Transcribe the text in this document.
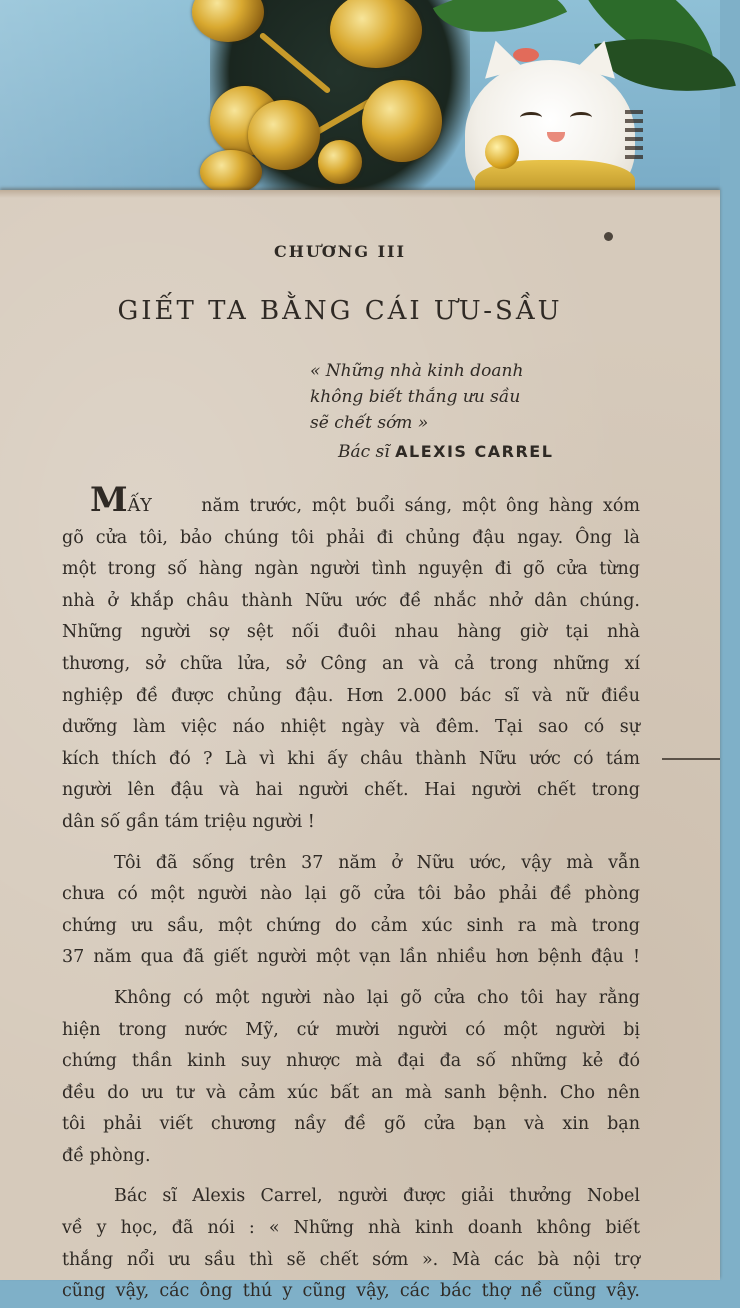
CHƯƠNG III
GIẾT TA BẰNG CÁI ƯU-SẦU
« Những nhà kinh doanh
không biết thắng ưu sầu
sẽ chết sớm »
Bác sĩ ALEXIS CARREL
MẤY	năm trước, một buổi sáng, một ông hàng xóm
gõ cửa tôi, bảo chúng tôi phải đi chủng đậu ngay. Ông là
một trong số hàng ngàn người tình nguyện đi gõ cửa từng
nhà ở khắp châu thành Nữu ước đề nhắc nhở dân chúng.
Những người sợ sệt nối đuôi nhau hàng giờ tại nhà
thương, sở chữa lửa, sở Công an và cả trong những xí
nghiệp đề được chủng đậu. Hơn 2.000 bác sĩ và nữ điều
dưỡng làm việc náo nhiệt ngày và đêm. Tại sao có sự
kích thích đó ? Là vì khi ấy châu thành Nữu ước có tám
người lên đậu và hai người chết. Hai người chết trong
dân số gần tám triệu người !
Tôi đã sống trên 37 năm ở Nữu ước, vậy mà vẫn
chưa có một người nào lại gõ cửa tôi bảo phải đề phòng
chứng ưu sầu, một chứng do cảm xúc sinh ra mà trong
37 năm qua đã giết người một vạn lần nhiều hơn bệnh đậu !
Không có một người nào lại gõ cửa cho tôi hay rằng
hiện trong nước Mỹ, cứ mười người có một người bị
chứng thần kinh suy nhược mà đại đa số những kẻ đó
đều do ưu tư và cảm xúc bất an mà sanh bệnh. Cho nên
tôi phải viết chương nầy đề gõ cửa bạn và xin bạn
đề phòng.
Bác sĩ Alexis Carrel, người được giải thưởng Nobel
về y học, đã nói : « Những nhà kinh doanh không biết
thắng nổi ưu sầu thì sẽ chết sớm ». Mà các bà nội trợ
cũng vậy, các ông thú y cũng vậy, các bác thợ nề cũng vậy.
